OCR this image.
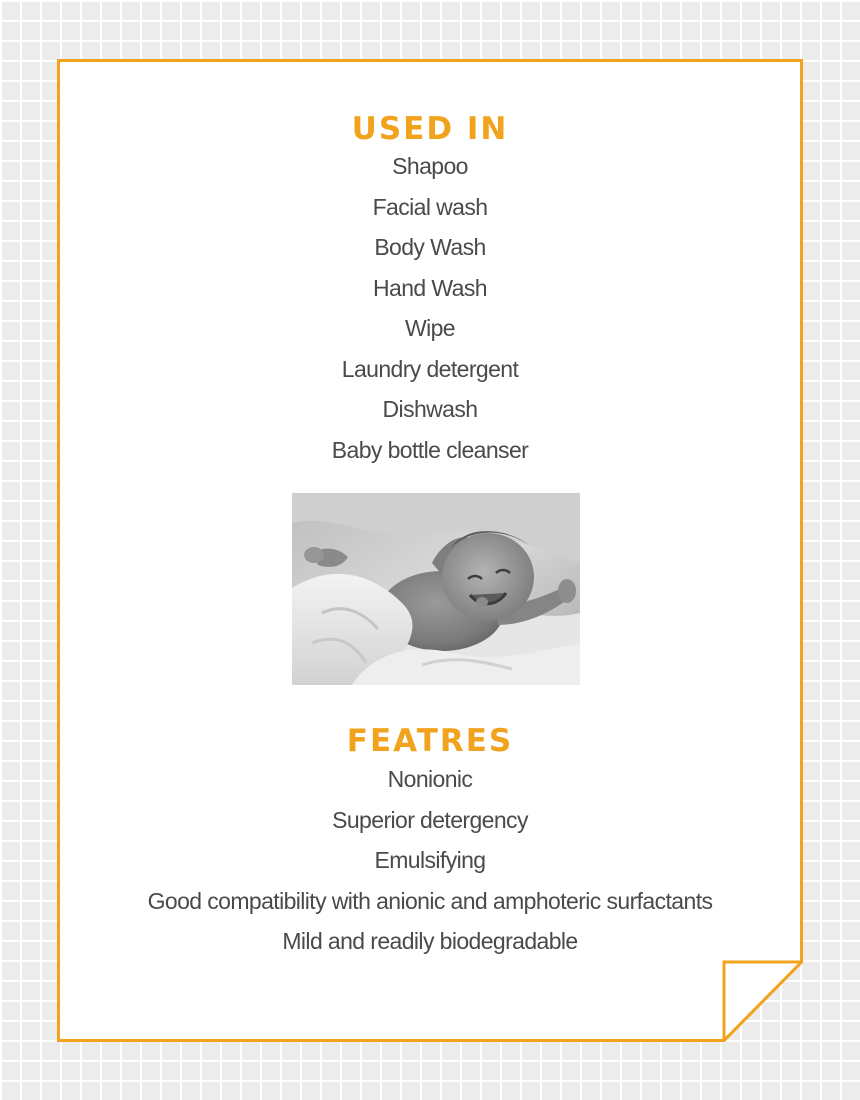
USED IN
Shapoo
Facial wash
Body Wash
Hand Wash
Wipe
Laundry detergent
Dishwash
Baby bottle cleanser
FEATRES
Nonionic
Superior detergency
Emulsifying
Good compatibility with anionic and amphoteric surfactants
Mild and readily biodegradable
